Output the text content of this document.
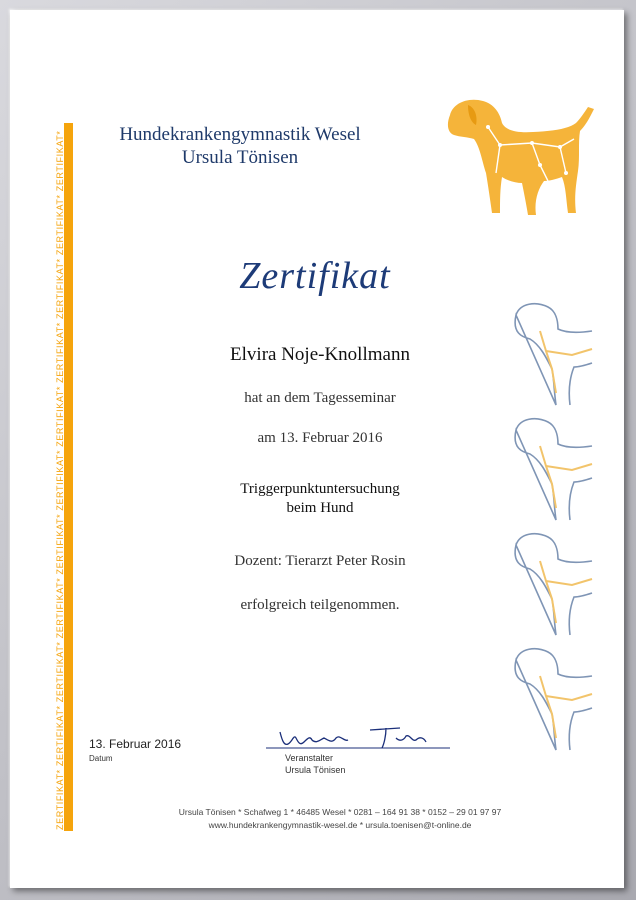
ZERTIFIKAT* ZERTIFIKAT* ZERTIFIKAT* ZERTIFIKAT* ZERTIFIKAT* ZERTIFIKAT* ZERTIFIKAT* ZERTIFIKAT* ZERTIFIKAT* ZERTIFIKAT* ZERTIFIKAT*	Hundekrankengymnastik Wesel
Ursula Tönisen
Zertifikat
Elvira Noje-Knollmann
hat an dem Tagesseminar
am 13. Februar 2016
Triggerpunktuntersuchung
beim Hund
Dozent: Tierarzt Peter Rosin
erfolgreich teilgenommen.
13. Februar 2016
Datum	Veranstalter
Ursula Tönisen
Ursula Tönisen * Schafweg 1 * 46485 Wesel * 0281 – 164 91 38 * 0152 – 29 01 97 97
www.hundekrankengymnastik-wesel.de * ursula.toenisen@t-online.de
